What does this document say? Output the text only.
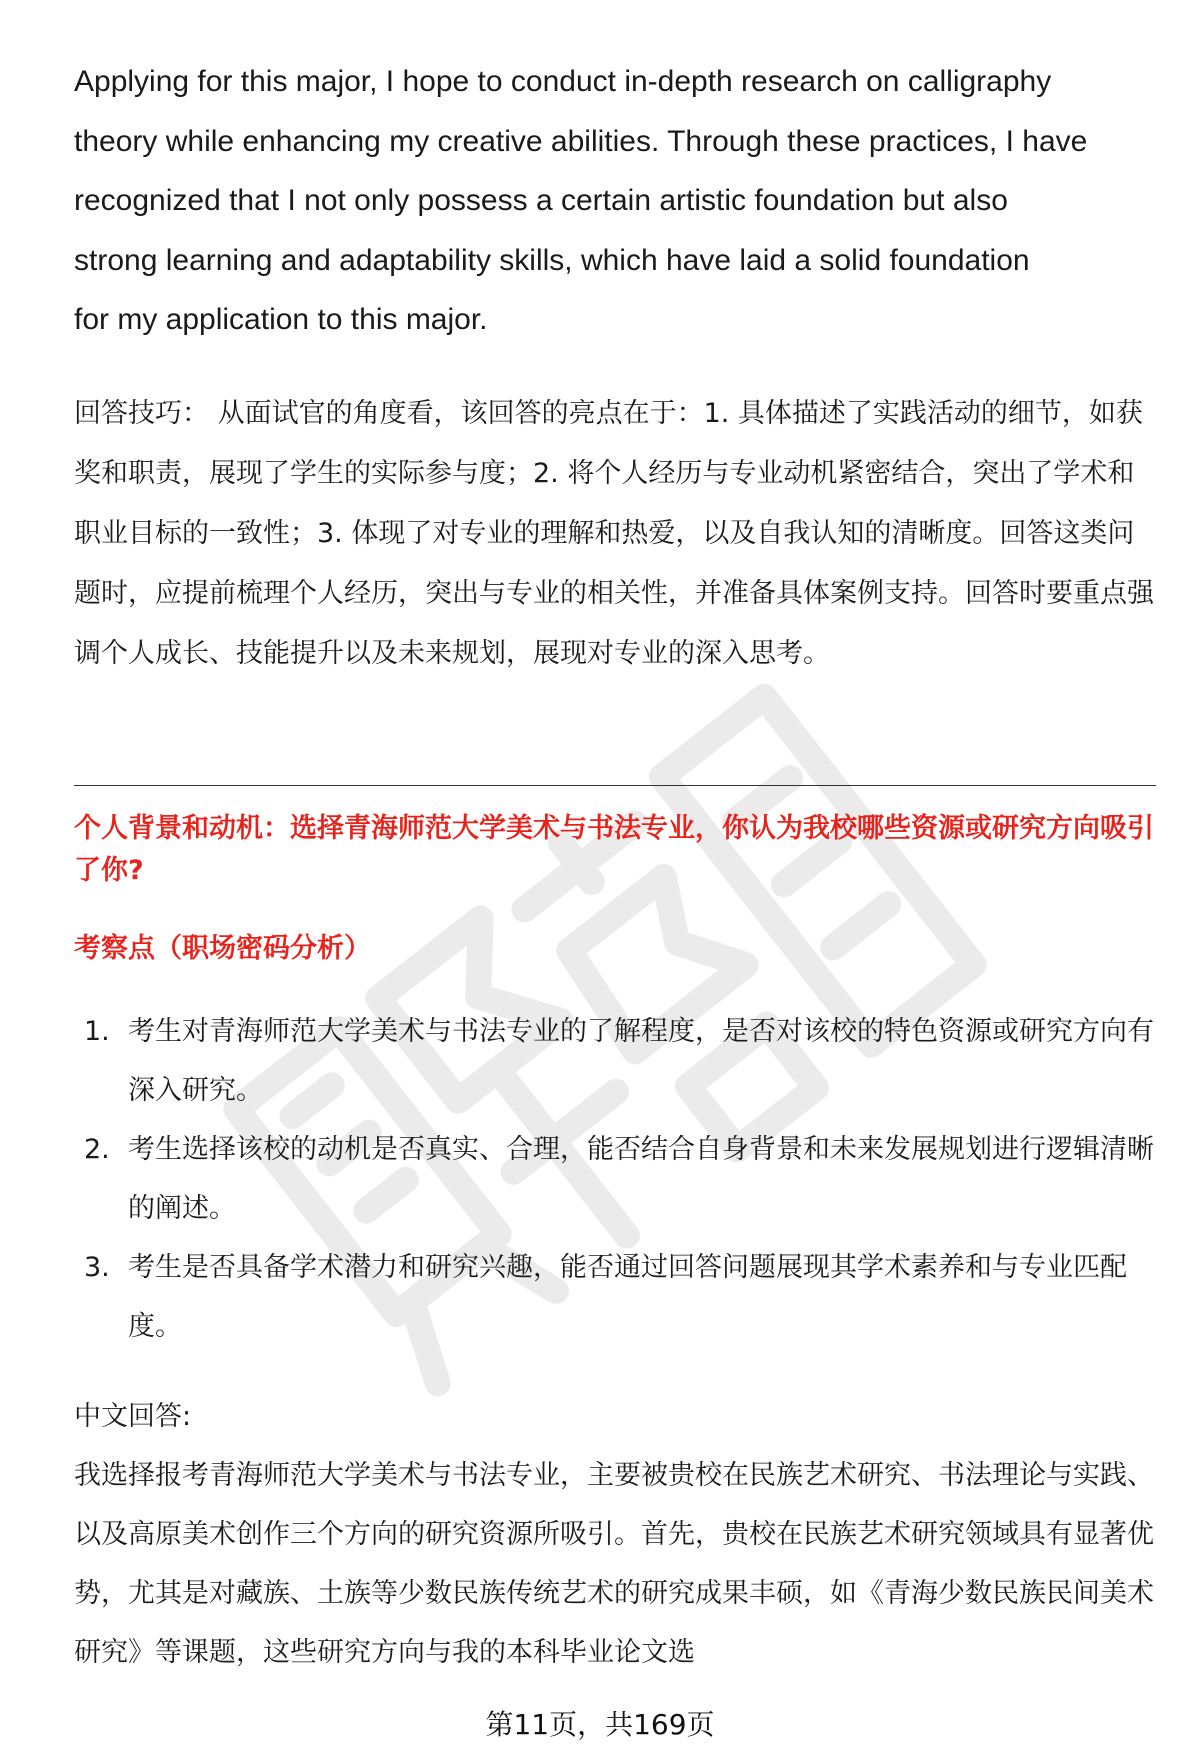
Applying for this major, I hope to conduct in-depth research on calligraphy
theory while enhancing my creative abilities. Through these practices, I have
recognized that I not only possess a certain artistic foundation but also
strong learning and adaptability skills, which have laid a solid foundation
for my application to this major.

回答技巧： 从面试官的角度看，该回答的亮点在于：1. 具体描述了实践活动的细节，如获奖和职责，展现了学生的实际参与度；2. 将个人经历与专业动机紧密结合，突出了学术和职业目标的一致性；3. 体现了对专业的理解和热爱，以及自我认知的清晰度。回答这类问题时，应提前梳理个人经历，突出与专业的相关性，并准备具体案例支持。回答时要重点强调个人成长、技能提升以及未来规划，展现对专业的深入思考。

个人背景和动机：选择青海师范大学美术与书法专业，你认为我校哪些资源或研究方向吸引了你?

考察点（职场密码分析）

1. 考生对青海师范大学美术与书法专业的了解程度，是否对该校的特色资源或研究方向有深入研究。
2. 考生选择该校的动机是否真实、合理，能否结合自身背景和未来发展规划进行逻辑清晰的阐述。
3. 考生是否具备学术潜力和研究兴趣，能否通过回答问题展现其学术素养和与专业匹配度。

中文回答:

我选择报考青海师范大学美术与书法专业，主要被贵校在民族艺术研究、书法理论与实践、以及高原美术创作三个方向的研究资源所吸引。首先，贵校在民族艺术研究领域具有显著优势，尤其是对藏族、土族等少数民族传统艺术的研究成果丰硕，如《青海少数民族民间美术研究》等课题，这些研究方向与我的本科毕业论文选

第11页，共169页
